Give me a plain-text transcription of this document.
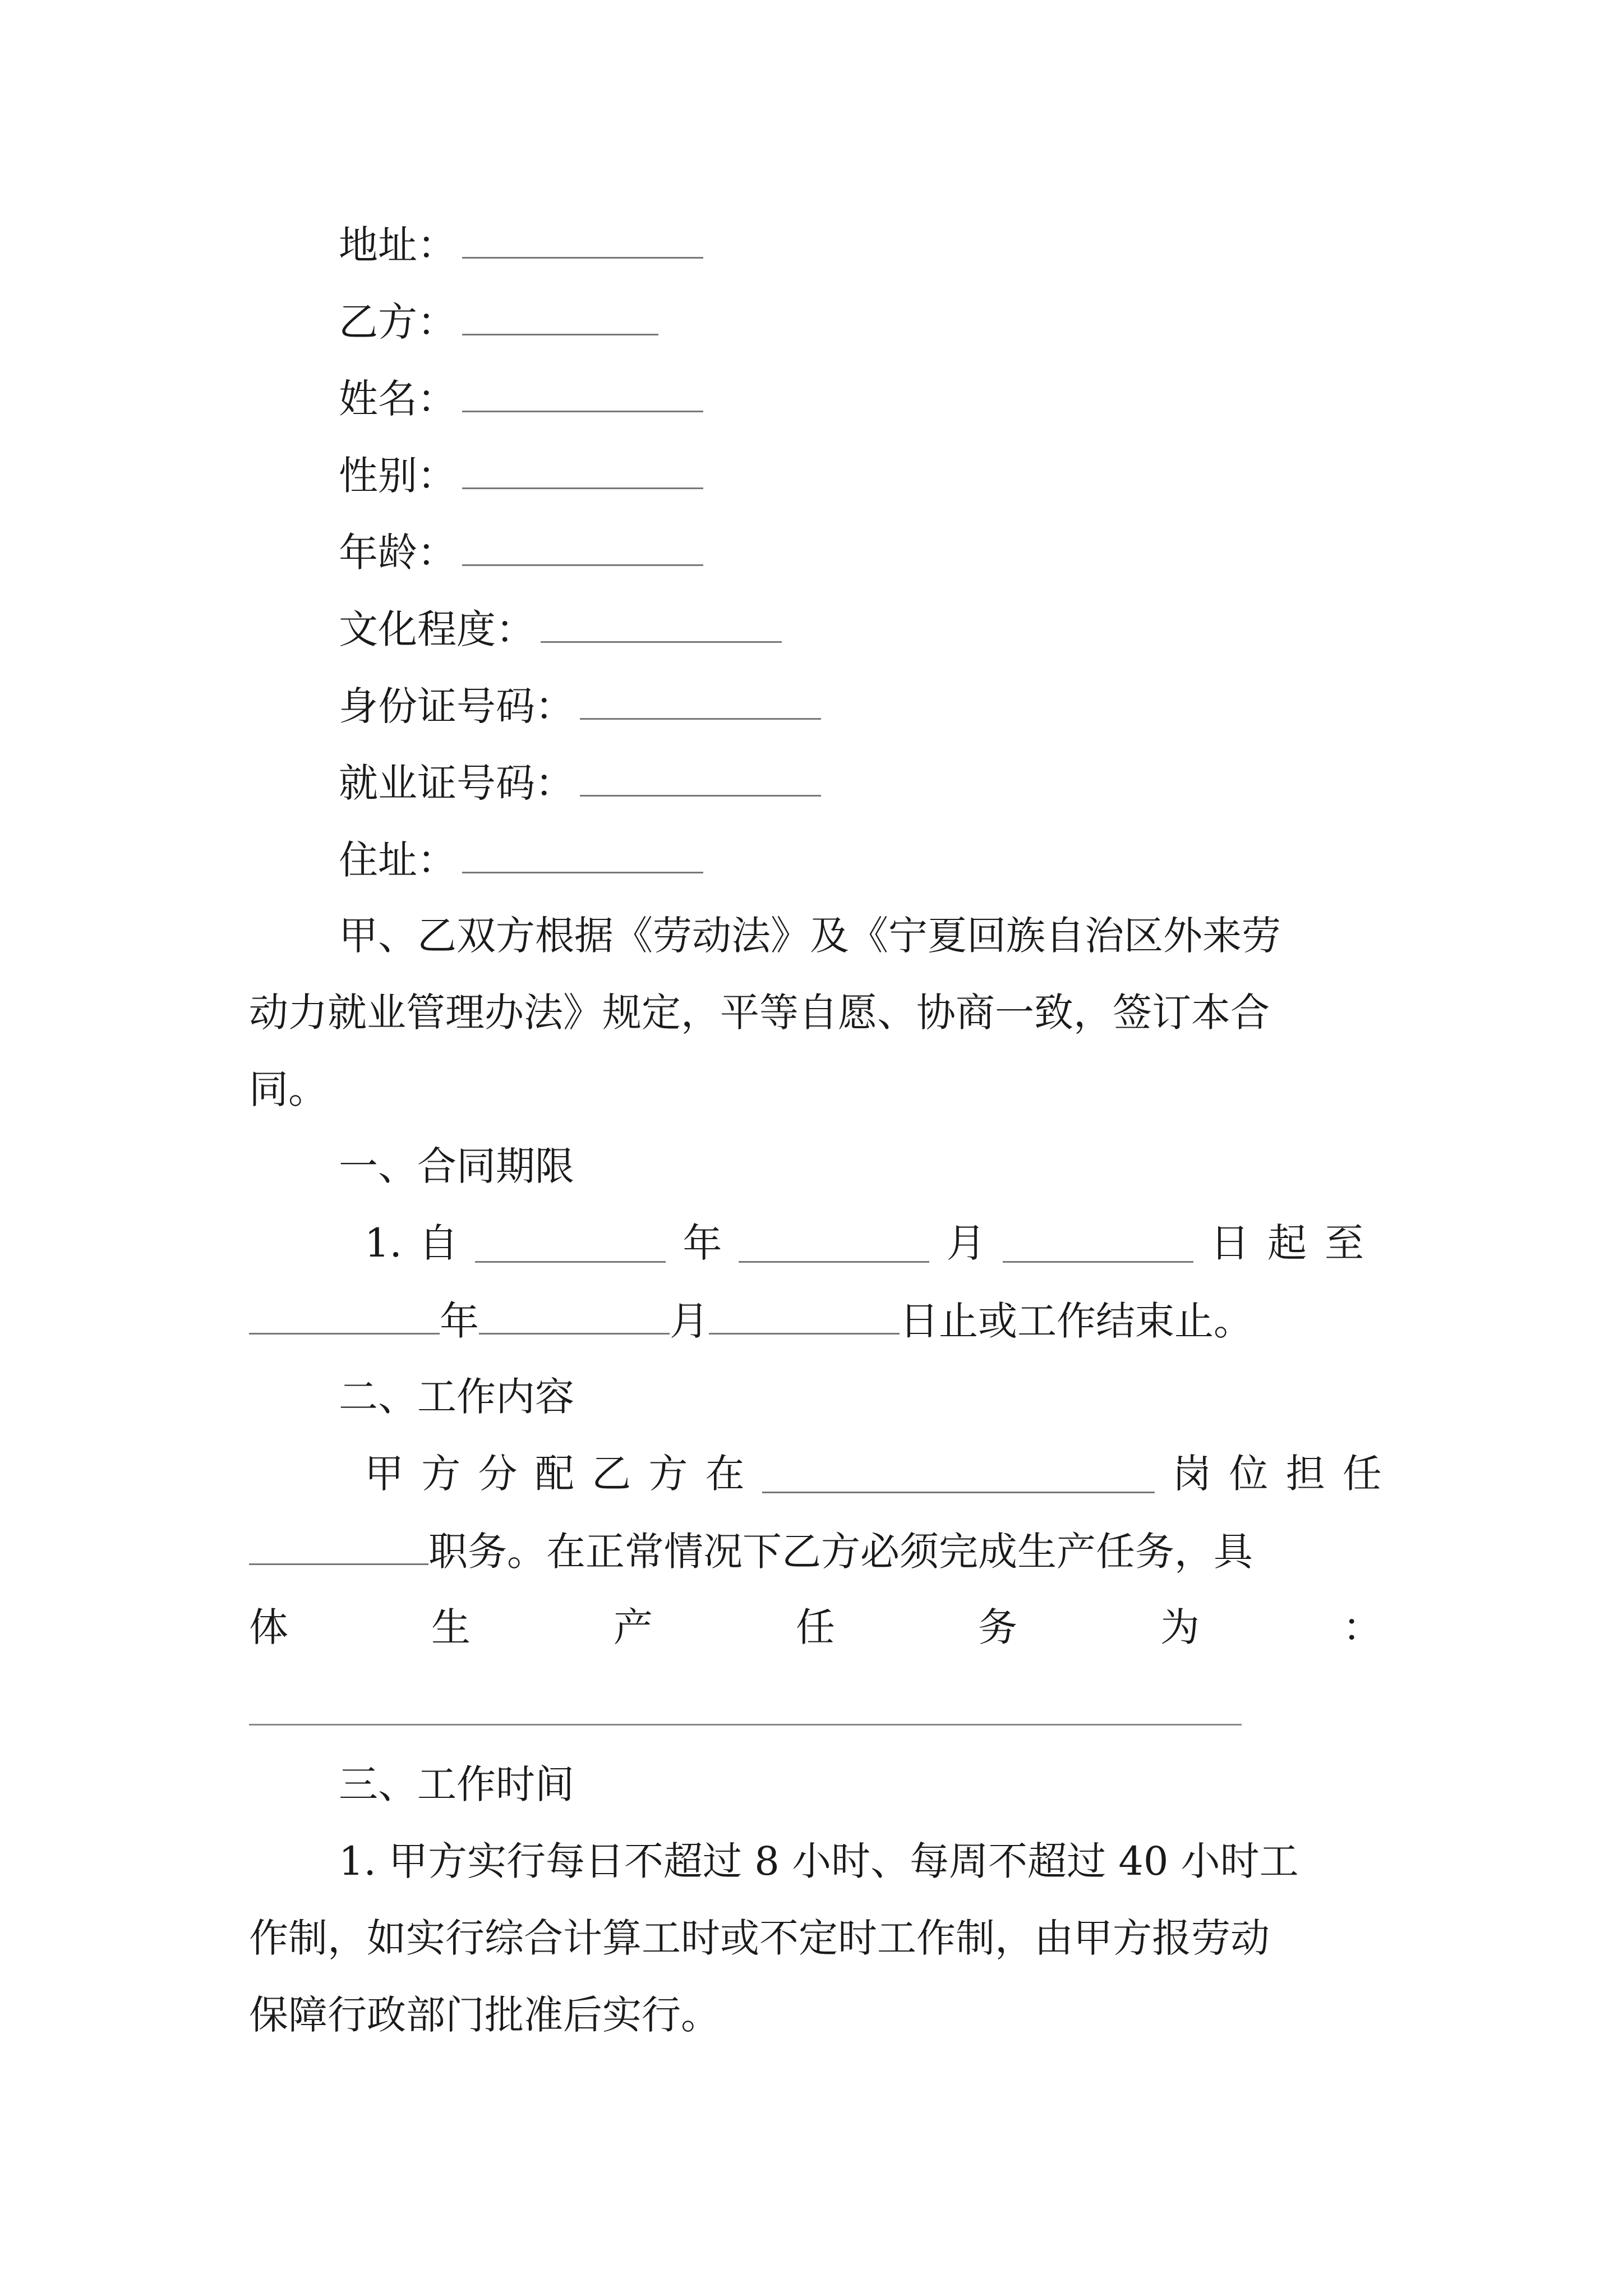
地址：
乙方：
姓名：
性别：
年龄：
文化程度：
身份证号码：
就业证号码：
住址：
甲、乙双方根据《劳动法》及《宁夏回族自治区外来劳
动力就业管理办法》规定，平等自愿、协商一致，签订本合
同。
一、合同期限
1. 自	年	月	日起至
年	月	日止或工作结束止。
二、工作内容
甲 方 分 配 乙 方 在	岗 位 担 任
职务。在正常情况下乙方必须完成生产任务，具
体	生	产	任	务	为	：
三、工作时间
1. 甲方实行每日不超过 8 小时、每周不超过 40 小时工
作制，如实行综合计算工时或不定时工作制，由甲方报劳动
保障行政部门批准后实行。
